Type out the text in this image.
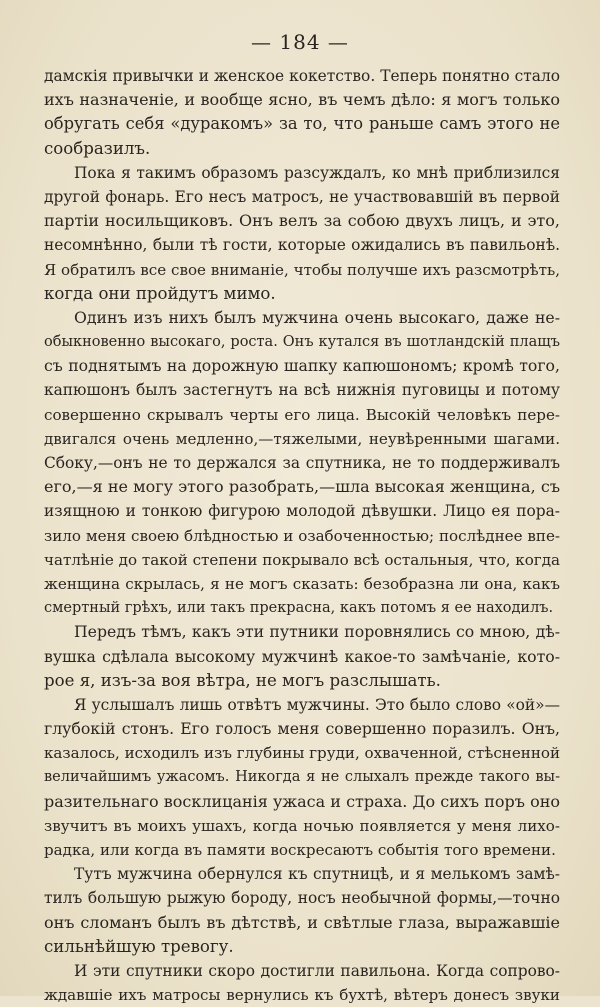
— 184 —
дамскія привычки и женское кокетство. Теперь понятно стало
ихъ назначеніе, и вообще ясно, въ чемъ дѣло: я могъ только
обругать себя «дуракомъ» за то, что раньше самъ этого не
сообразилъ.
Пока я такимъ образомъ разсуждалъ, ко мнѣ приблизился
другой фонарь. Его несъ матросъ, не участвовавшій въ первой
партіи носильщиковъ. Онъ велъ за собою двухъ лицъ, и это,
несомнѣнно, были тѣ гости, которые ожидались въ павильонѣ.
Я обратилъ все свое вниманіе, чтобы получше ихъ разсмотрѣть,
когда они пройдутъ мимо.
Одинъ изъ нихъ былъ мужчина очень высокаго, даже не-
обыкновенно высокаго, роста. Онъ кутался въ шотландскій плащъ
съ поднятымъ на дорожную шапку капюшономъ; кромѣ того,
капюшонъ былъ застегнутъ на всѣ нижнія пуговицы и потому
совершенно скрывалъ черты его лица. Высокій человѣкъ пере-
двигался очень медленно,—тяжелыми, неувѣренными шагами.
Сбоку,—онъ не то держался за спутника, не то поддерживалъ
его,—я не могу этого разобрать,—шла высокая женщина, съ
изящною и тонкою фигурою молодой дѣвушки. Лицо ея пора-
зило меня своею блѣдностью и озабоченностью; послѣднее впе-
чатлѣніе до такой степени покрывало всѣ остальныя, что, когда
женщина скрылась, я не могъ сказать: безобразна ли она, какъ
смертный грѣхъ, или такъ прекрасна, какъ потомъ я ее находилъ.
Передъ тѣмъ, какъ эти путники поровнялись со мною, дѣ-
вушка сдѣлала высокому мужчинѣ какое-то замѣчаніе, кото-
рое я, изъ-за воя вѣтра, не могъ разслышать.
Я услышалъ лишь отвѣтъ мужчины. Это было слово «ой»—
глубокій стонъ. Его голосъ меня совершенно поразилъ. Онъ,
казалось, исходилъ изъ глубины груди, охваченной, стѣсненной
величайшимъ ужасомъ. Никогда я не слыхалъ прежде такого вы-
разительнаго восклицанія ужаса и страха. До сихъ поръ оно
звучитъ въ моихъ ушахъ, когда ночью появляется у меня лихо-
радка, или когда въ памяти воскресаютъ событія того времени.
Тутъ мужчина обернулся къ спутницѣ, и я мелькомъ замѣ-
тилъ большую рыжую бороду, носъ необычной формы,—точно
онъ сломанъ былъ въ дѣтствѣ, и свѣтлые глаза, выражавшіе
сильнѣйшую тревогу.
И эти спутники скоро достигли павильона. Когда сопрово-
ждавшіе ихъ матросы вернулись къ бухтѣ, вѣтеръ донесъ звуки
